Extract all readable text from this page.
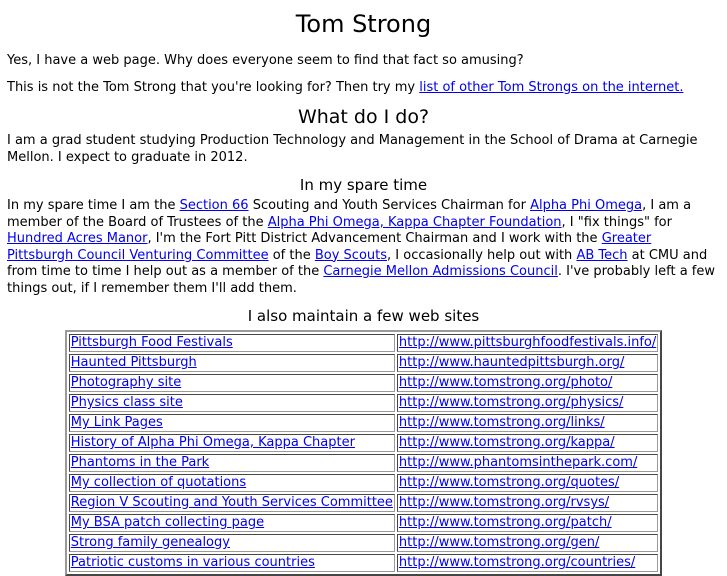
Tom Strong

Yes, I have a web page. Why does everyone seem to find that fact so amusing?

This is not the Tom Strong that you're looking for? Then try my list of other Tom Strongs on the internet.

What do I do?

I am a grad student studying Production Technology and Management in the School of Drama at Carnegie Mellon. I expect to graduate in 2012.

In my spare time

In my spare time I am the Section 66 Scouting and Youth Services Chairman for Alpha Phi Omega, I am a member of the Board of Trustees of the Alpha Phi Omega, Kappa Chapter Foundation, I "fix things" for Hundred Acres Manor, I'm the Fort Pitt District Advancement Chairman and I work with the Greater Pittsburgh Council Venturing Committee of the Boy Scouts, I occasionally help out with AB Tech at CMU and from time to time I help out as a member of the Carnegie Mellon Admissions Council. I've probably left a few things out, if I remember them I'll add them.

I also maintain a few web sites
Pittsburgh Food Festivals	http://www.pittsburghfoodfestivals.info/
Haunted Pittsburgh	http://www.hauntedpittsburgh.org/
Photography site	http://www.tomstrong.org/photo/
Physics class site	http://www.tomstrong.org/physics/
My Link Pages	http://www.tomstrong.org/links/
History of Alpha Phi Omega, Kappa Chapter	http://www.tomstrong.org/kappa/
Phantoms in the Park	http://www.phantomsinthepark.com/
My collection of quotations	http://www.tomstrong.org/quotes/
Region V Scouting and Youth Services Committee	http://www.tomstrong.org/rvsys/
My BSA patch collecting page	http://www.tomstrong.org/patch/
Strong family genealogy	http://www.tomstrong.org/gen/
Patriotic customs in various countries	http://www.tomstrong.org/countries/
